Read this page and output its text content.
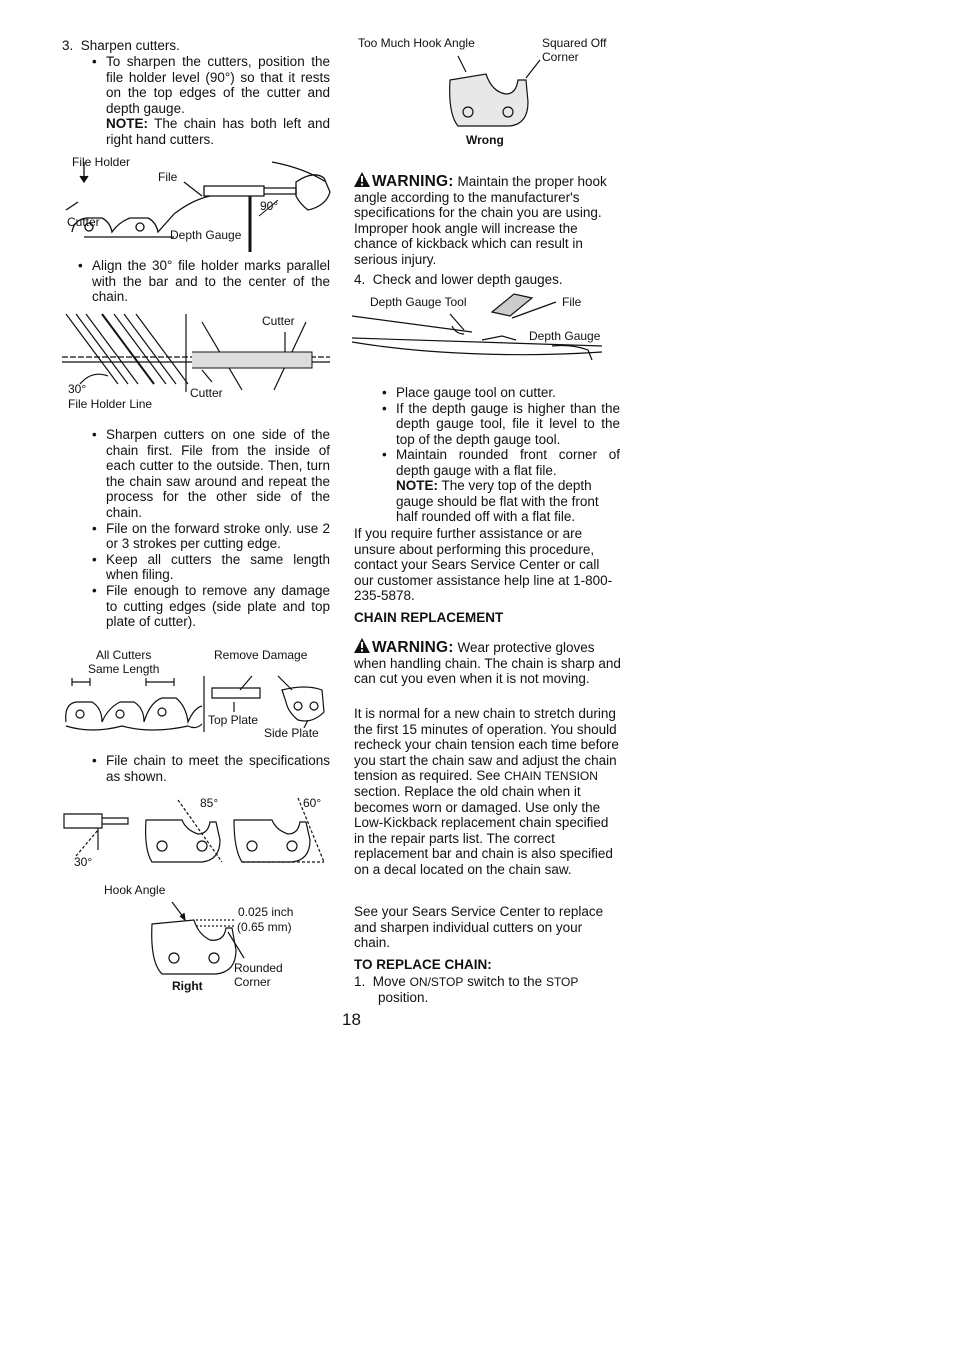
3. Sharpen cutters.
• To sharpen the cutters, position the file holder level (90°) so that it rests on the top edges of the cutter and depth gauge.
NOTE: The chain has both left and right hand cutters.
File Holder
File
Cutter
Depth Gauge
90°
• Align the 30° file holder marks parallel with the bar and to the center of the chain.
Cutter
30°	Cutter
File Holder Line
• Sharpen cutters on one side of the chain first. File from the inside of each cutter to the outside. Then, turn the chain saw around and repeat the process for the other side of the chain.
• File on the forward stroke only. use 2 or 3 strokes per cutting edge.
• Keep all cutters the same length when filing.
• File enough to remove any damage to cutting edges (side plate and top plate of cutter).
All Cutters
Same Length
Remove Damage
Top Plate
Side Plate
• File chain to meet the specifications as shown.
85°	60°
30°
Hook Angle
0.025 inch
(0.65 mm)
Rounded
Corner
Right
Too Much Hook Angle	Squared Off
Corner
Wrong
WARNING: Maintain the proper hook angle according to the manufacturer's specifications for the chain you are using. Improper hook angle will increase the chance of kickback which can result in serious injury.
4. Check and lower depth gauges.
Depth Gauge Tool	File
Depth Gauge
• Place gauge tool on cutter.
• If the depth gauge is higher than the depth gauge tool, file it level to the top of the depth gauge tool.
• Maintain rounded front corner of depth gauge with a flat file.
NOTE: The very top of the depth gauge should be flat with the front half rounded off with a flat file.
If you require further assistance or are unsure about performing this procedure, contact your Sears Service Center or call our customer assistance help line at 1-800-235-5878.
CHAIN REPLACEMENT
WARNING: Wear protective gloves when handling chain. The chain is sharp and can cut you even when it is not moving.
It is normal for a new chain to stretch during the first 15 minutes of operation. You should recheck your chain tension each time before you start the chain saw and adjust the chain tension as required. See CHAIN TENSION section. Replace the old chain when it becomes worn or damaged. Use only the Low-Kickback replacement chain specified in the repair parts list. The correct replacement bar and chain is also specified on a decal located on the chain saw.
See your Sears Service Center to replace and sharpen individual cutters on your chain.
TO REPLACE CHAIN:
1. Move ON/STOP switch to the STOP
position.
18
